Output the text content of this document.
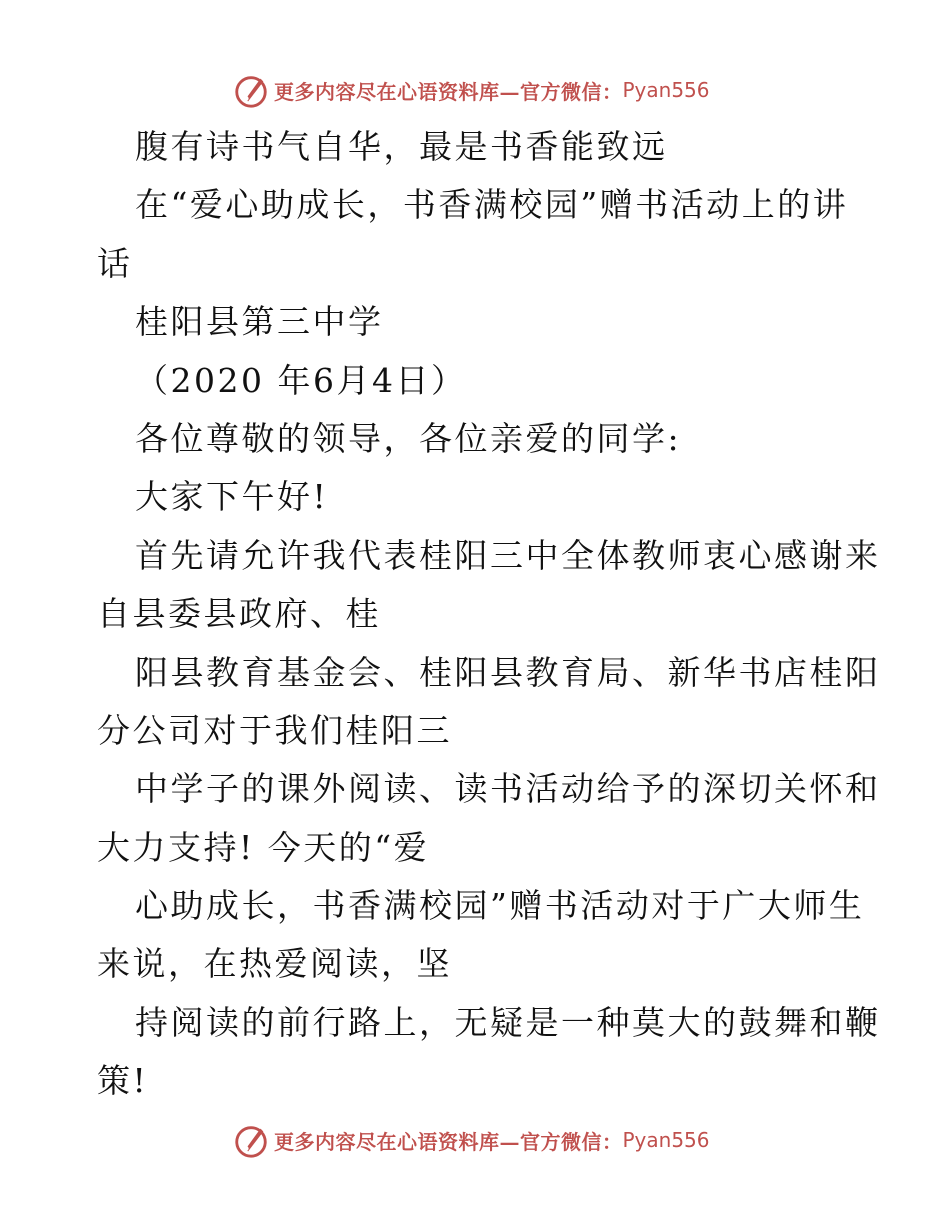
更多内容尽在心语资料库—官方微信： Pyan556
腹有诗书气自华，最是书香能致远
在“爱心助成长，书香满校园”赠书活动上的讲
话
桂阳县第三中学
（2020 年6月4日）
各位尊敬的领导，各位亲爱的同学:
大家下午好!
首先请允许我代表桂阳三中全体教师衷心感谢来
自县委县政府、桂
阳县教育基金会、桂阳县教育局、新华书店桂阳
分公司对于我们桂阳三
中学子的课外阅读、读书活动给予的深切关怀和
大力支持! 今天的“爱
心助成长，书香满校园”赠书活动对于广大师生
来说，在热爱阅读，坚
持阅读的前行路上，无疑是一种莫大的鼓舞和鞭
策!
更多内容尽在心语资料库—官方微信： Pyan556
